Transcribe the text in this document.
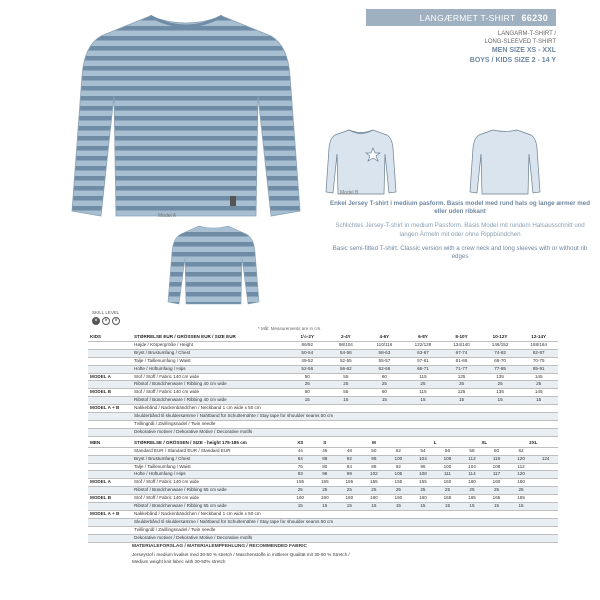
Model A
LANGÆRMET T-SHIRT 66230
LANGARM-T-SHIRT /
LONG-SLEEVED T-SHIRT
MEN SIZE XS - XXL
BOYS / KIDS SIZE 2 - 14 Y
Model B

Enkel Jersey T-shirt i medium pasform. Basis model med rund hals og lange ærmer med eller uden ribkant

Schlichtes Jersey-T-shirt in medium Passform. Basis Model mit rundem Halsausschnitt und langen Ärmeln mit oder ohne Rippbündchen

Basic semi-fitted T-shirt. Classic version with a crew neck and long sleeves with or without rib edges

SKILL LEVEL
×	×	×
* Mål: Measurements are in cm.
KIDS	STØRRELSE EUR / GRÖSSEN EUR / SIZE EUR	1½-2Y	2-4Y	4-6Y	6-8Y	8-10Y	10-12Y	12-14Y
	Højde / Körpergröße / Height	86/92	98/104	110/116	122/128	134/140	146/152	158/164
	Bryst / Brustumfang / Chest	50-54	54-58	58-63	63-67	67-74	74-82	82-87
	Talje / Taillenumfang / Waist	49-52	52-55	55-57	57-61	61-66	66-70	70-75
	Hofte / Hüftumfang / Hips	52-56	56-62	62-66	66-71	71-77	77-85	85-91
MODEL A	Stof / Stoff / Fabric 140 cm wide	50	55	60	115	125	135	145
	Ribstof / Bündchenware / Ribbing 40 cm wide	25	25	25	25	25	25	25
MODEL B	Stof / Stoff / Fabric 140 cm wide	50	55	60	115	125	135	145
	Ribstof / Bündchenware / Ribbing 40 cm wide	15	15	15	15	15	15	15
MODEL A + B	Nakkebånd / Nackenbändchen / Neckband 1 cm wide x 50 cm							
	Skulderbånd til skuldersømme / Nahtband für Schulternähte / Stay tape for shoulder seams 50 cm							
	Tvillingnål / Zwillingsnadel / Twin needle							
	Dekorative motiver / Dekorative Motive / Decorative motifs							
MEN	STØRRELSE / GRÖSSEN / SIZE - height 175-185 cm	XS	S	M			L		XL		2XL	
	Standard EUR / Standard EUR / Standard EUR	44	46	48	50	52	54	56	58	60	62	
	Bryst / Brustumfang / Chest	84	88	92	96	100	104	108	112	116	120	124
	Talje / Taillenumfang / Waist	76	80	84	88	92	96	100	104	108	112	
	Hofte / Hüftumfang / Hips	93	96	99	102	105	108	111	114	117	120	
MODEL A	Stof / Stoff / Fabric 140 cm wide	155	155	155	155	155	155	160	160	160	160	
	Ribstof / Bündchenware / Ribbing 55 cm wide	25	25	25	25	25	25	25	25	25	25	
MODEL B	Stof / Stoff / Fabric 140 cm wide	160	160	160	160	160	160	165	165	165	165	
	Ribstof / Bündchenware / Ribbing 55 cm wide	15	15	15	15	15	15	15	15	15	15	
MODEL A + B	Nakkebånd / Nackenbändchen / Neckband 1 cm wide x 50 cm											
	Skulderbånd til skuldersømme / Nahtband für Schulternähte / Stay tape for shoulder seams 50 cm											
	Tvillingnål / Zwillingsnadel / Twin needle											
	Dekorative motiver / Dekorative Motive / Decorative motifs											
MATERIALEFORSLAG / MATERIALEMPFEHLUNG / RECOMMENDED FABRIC
Jerseystof i medium kvalitet med 30-50 % stretch / Maschenstoffe in mittlerer Qualität mit 30-50 % Stretch /
Medium weight knit fabric with 30-50% stretch
